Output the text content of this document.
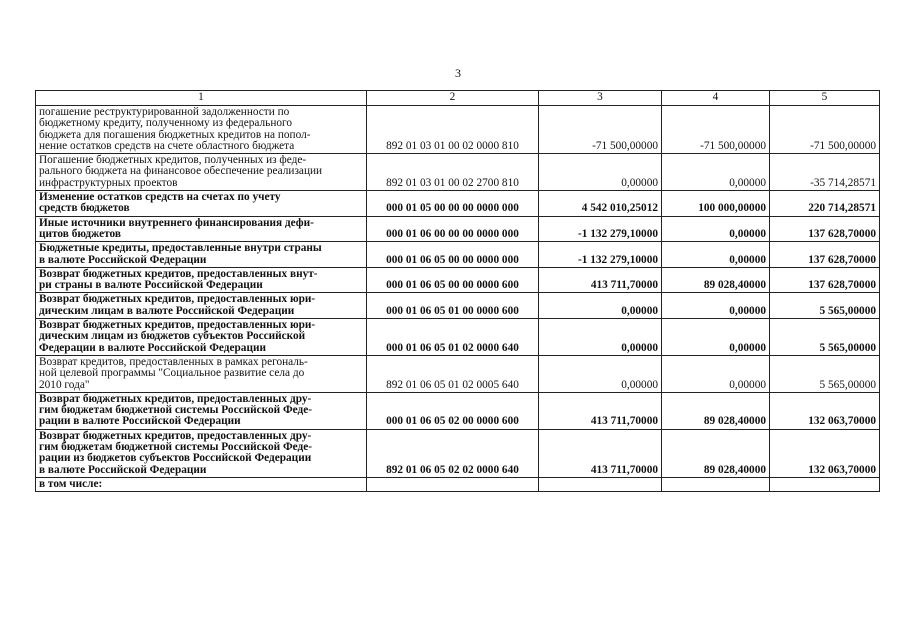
3
1	2	3	4	5

погашение реструктурированной задолженности по
бюджетному кредиту, полученному из федерального
бюджета для погашения бюджетных кредитов на попол-
нение остатков средств на счете областного бюджета	892 01 03 01 00 02 0000 810	-71 500,00000	-71 500,00000	-71 500,00000

Погашение бюджетных кредитов, полученных из феде-
рального бюджета на финансовое обеспечение реализации
инфраструктурных проектов	892 01 03 01 00 02 2700 810	0,00000	0,00000	-35 714,28571

Изменение остатков средств на счетах по учету
средств бюджетов	000 01 05 00 00 00 0000 000	4 542 010,25012	100 000,00000	220 714,28571

Иные источники внутреннего финансирования дефи-
цитов бюджетов	000 01 06 00 00 00 0000 000	-1 132 279,10000	0,00000	137 628,70000

Бюджетные кредиты, предоставленные внутри страны
в валюте Российской Федерации	000 01 06 05 00 00 0000 000	-1 132 279,10000	0,00000	137 628,70000

Возврат бюджетных кредитов, предоставленных внут-
ри страны в валюте Российской Федерации	000 01 06 05 00 00 0000 600	413 711,70000	89 028,40000	137 628,70000

Возврат бюджетных кредитов, предоставленных юри-
дическим лицам в валюте Российской Федерации	000 01 06 05 01 00 0000 600	0,00000	0,00000	5 565,00000

Возврат бюджетных кредитов, предоставленных юри-
дическим лицам из бюджетов субъектов Российской
Федерации в валюте Российской Федерации	000 01 06 05 01 02 0000 640	0,00000	0,00000	5 565,00000

Возврат кредитов, предоставленных в рамках регональ-
ной целевой программы "Социальное развитие села до
2010 года"	892 01 06 05 01 02 0005 640	0,00000	0,00000	5 565,00000

Возврат бюджетных кредитов, предоставленных дру-
гим бюджетам бюджетной системы Российской Феде-
рации в валюте Российской Федерации	000 01 06 05 02 00 0000 600	413 711,70000	89 028,40000	132 063,70000

Возврат бюджетных кредитов, предоставленных дру-
гим бюджетам бюджетной системы Российской Феде-
рации из бюджетов субъектов Российской Федерации
в валюте Российской Федерации	892 01 06 05 02 02 0000 640	413 711,70000	89 028,40000	132 063,70000

в том числе:				
